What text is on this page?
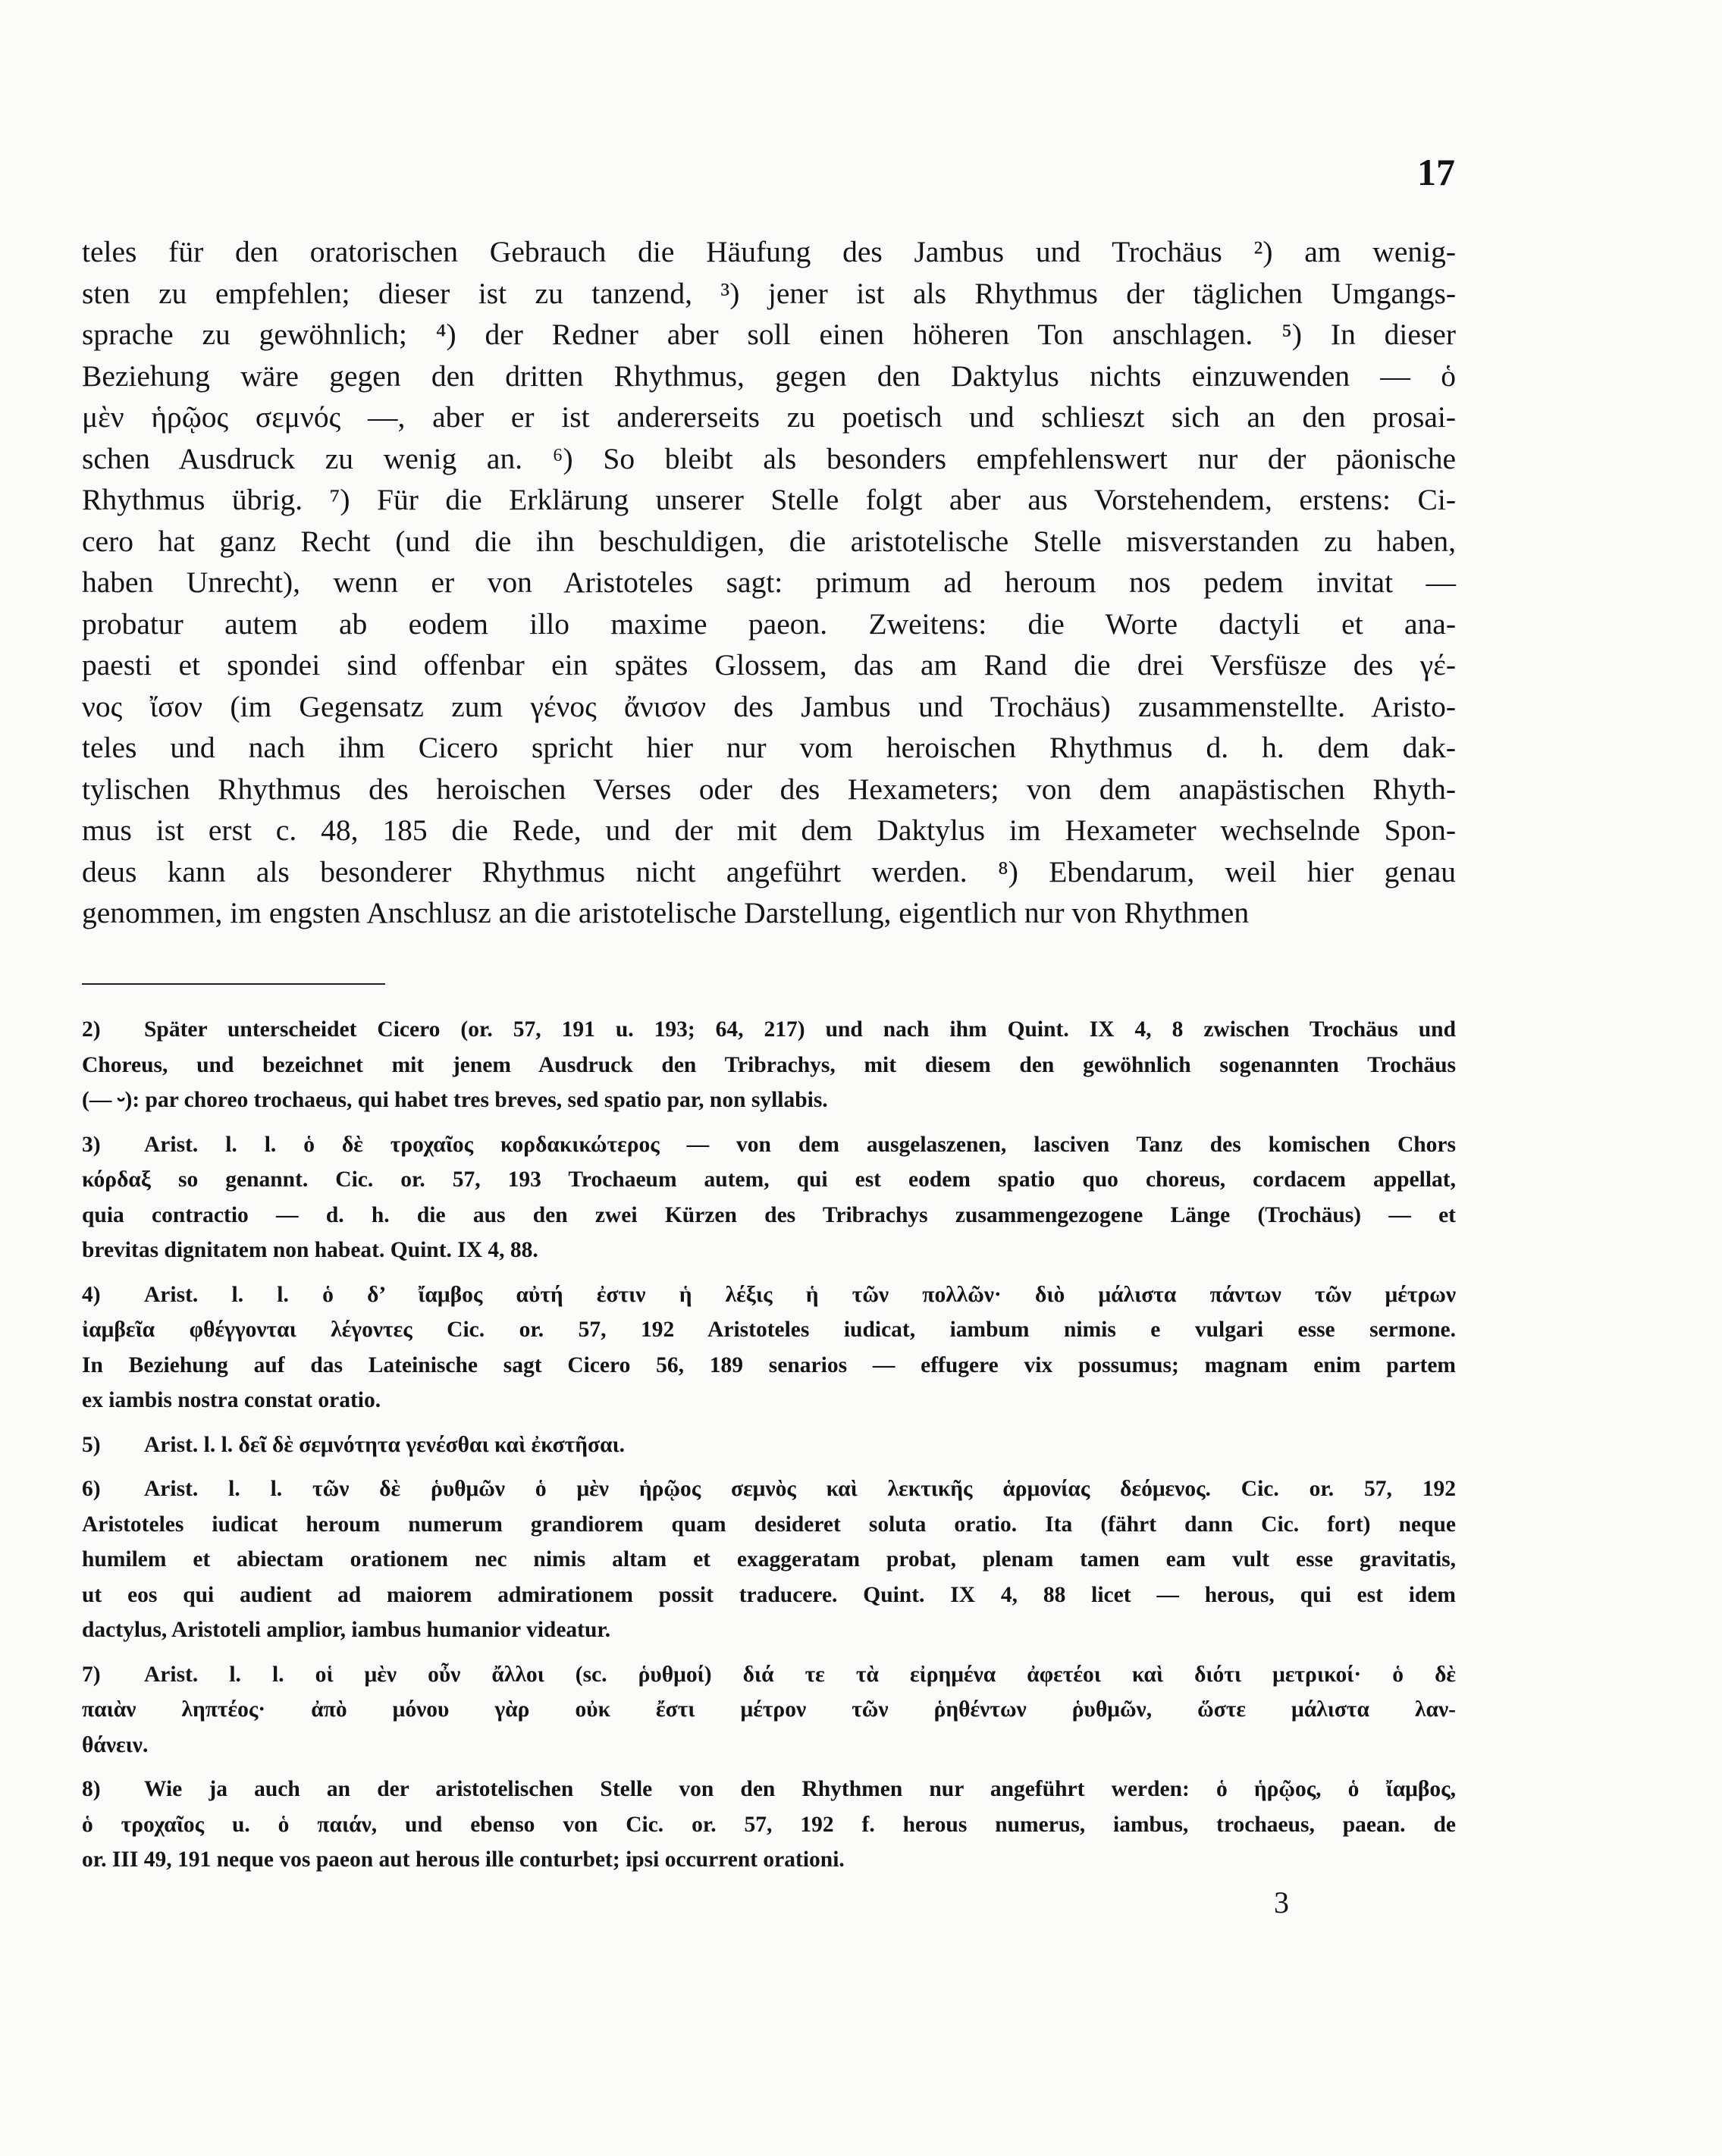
17
teles für den oratorischen Gebrauch die Häufung des Jambus und Trochäus ²) am wenig-
sten zu empfehlen; dieser ist zu tanzend, ³) jener ist als Rhythmus der täglichen Umgangs-
sprache zu gewöhnlich; ⁴) der Redner aber soll einen höheren Ton anschlagen. ⁵) In dieser
Beziehung wäre gegen den dritten Rhythmus, gegen den Daktylus nichts einzuwenden — ὁ
μὲν ἡρῷος σεμνός —, aber er ist andererseits zu poetisch und schlieszt sich an den prosai-
schen Ausdruck zu wenig an. ⁶) So bleibt als besonders empfehlenswert nur der päonische
Rhythmus übrig. ⁷) Für die Erklärung unserer Stelle folgt aber aus Vorstehendem, erstens: Ci-
cero hat ganz Recht (und die ihn beschuldigen, die aristotelische Stelle misverstanden zu haben,
haben Unrecht), wenn er von Aristoteles sagt: primum ad heroum nos pedem invitat —
probatur autem ab eodem illo maxime paeon. Zweitens: die Worte dactyli et ana-
paesti et spondei sind offenbar ein spätes Glossem, das am Rand die drei Versfüsze des γέ-
νος ἴσον (im Gegensatz zum γένος ἄνισον des Jambus und Trochäus) zusammenstellte. Aristo-
teles und nach ihm Cicero spricht hier nur vom heroischen Rhythmus d. h. dem dak-
tylischen Rhythmus des heroischen Verses oder des Hexameters; von dem anapästischen Rhyth-
mus ist erst c. 48, 185 die Rede, und der mit dem Daktylus im Hexameter wechselnde Spon-
deus kann als besonderer Rhythmus nicht angeführt werden. ⁸) Ebendarum, weil hier genau
genommen, im engsten Anschlusz an die aristotelische Darstellung, eigentlich nur von Rhythmen
2) Später unterscheidet Cicero (or. 57, 191 u. 193; 64, 217) und nach ihm Quint. IX 4, 8 zwischen Trochäus und
Choreus, und bezeichnet mit jenem Ausdruck den Tribrachys, mit diesem den gewöhnlich sogenannten Trochäus
(— ⏑): par choreo trochaeus, qui habet tres breves, sed spatio par, non syllabis.
3) Arist. l. l. ὁ δὲ τροχαῖος κορδακικώτερος — von dem ausgelaszenen, lasciven Tanz des komischen Chors
κόρδαξ so genannt. Cic. or. 57, 193 Trochaeum autem, qui est eodem spatio quo choreus, cordacem appellat,
quia contractio — d. h. die aus den zwei Kürzen des Tribrachys zusammengezogene Länge (Trochäus) — et
brevitas dignitatem non habeat. Quint. IX 4, 88.
4) Arist. l. l. ὁ δ’ ἴαμβος αὐτή ἐστιν ἡ λέξις ἡ τῶν πολλῶν· διὸ μάλιστα πάντων τῶν μέτρων
ἰαμβεῖα φθέγγονται λέγοντες Cic. or. 57, 192 Aristoteles iudicat, iambum nimis e vulgari esse sermone.
In Beziehung auf das Lateinische sagt Cicero 56, 189 senarios — effugere vix possumus; magnam enim partem
ex iambis nostra constat oratio.
5) Arist. l. l. δεῖ δὲ σεμνότητα γενέσθαι καὶ ἐκστῆσαι.
6) Arist. l. l. τῶν δὲ ῥυθμῶν ὁ μὲν ἡρῷος σεμνὸς καὶ λεκτικῆς ἁρμονίας δεόμενος. Cic. or. 57, 192
Aristoteles iudicat heroum numerum grandiorem quam desideret soluta oratio. Ita (fährt dann Cic. fort) neque
humilem et abiectam orationem nec nimis altam et exaggeratam probat, plenam tamen eam vult esse gravitatis,
ut eos qui audient ad maiorem admirationem possit traducere. Quint. IX 4, 88 licet — herous, qui est idem
dactylus, Aristoteli amplior, iambus humanior videatur.
7) Arist. l. l. οἱ μὲν οὖν ἄλλοι (sc. ῥυθμοί) διά τε τὰ εἰρημένα ἀφετέοι καὶ διότι μετρικοί· ὁ δὲ
παιὰν ληπτέος· ἀπὸ μόνου γὰρ οὐκ ἔστι μέτρον τῶν ῥηθέντων ῥυθμῶν, ὥστε μάλιστα λαν-
θάνειν.
8) Wie ja auch an der aristotelischen Stelle von den Rhythmen nur angeführt werden: ὁ ἡρῷος, ὁ ἴαμβος,
ὁ τροχαῖος u. ὁ παιάν, und ebenso von Cic. or. 57, 192 f. herous numerus, iambus, trochaeus, paean. de
or. III 49, 191 neque vos paeon aut herous ille conturbet; ipsi occurrent orationi.
3
